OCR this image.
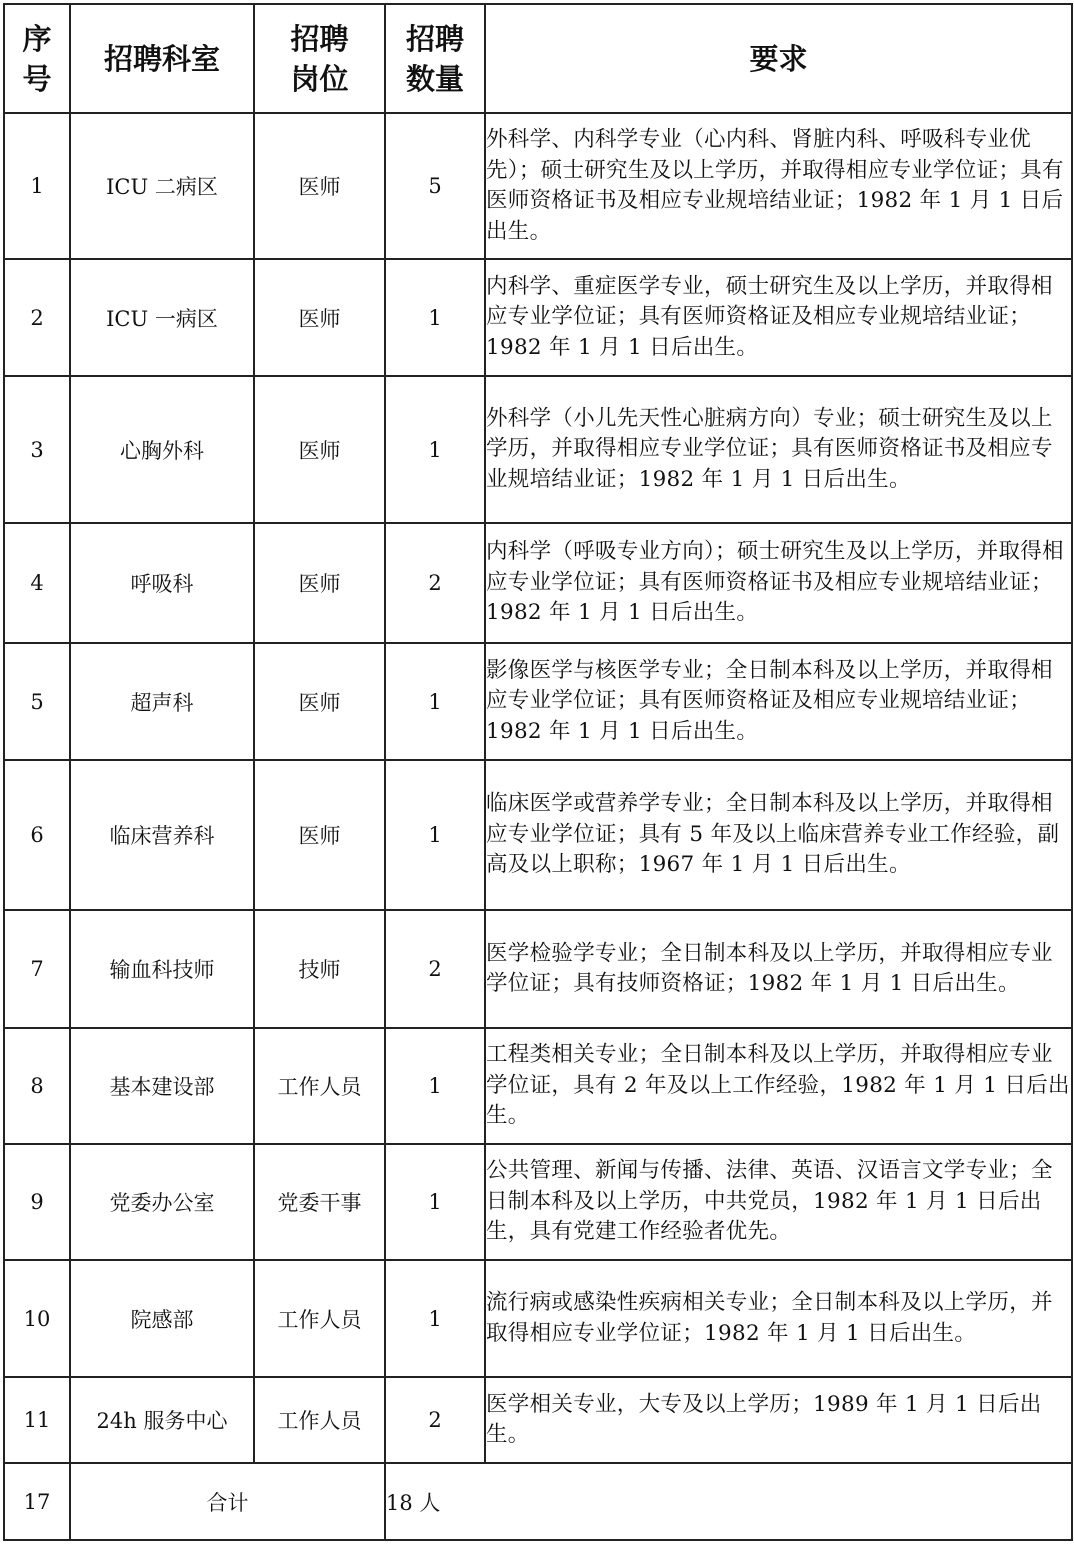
序号	招聘科室	招聘岗位	招聘数量	要求
1	ICU 二病区	医师	5	外科学、内科学专业（心内科、肾脏内科、呼吸科专业优先）；硕士研究生及以上学历，并取得相应专业学位证；具有医师资格证书及相应专业规培结业证；1982 年 1 月 1 日后出生。
2	ICU 一病区	医师	1	内科学、重症医学专业，硕士研究生及以上学历，并取得相应专业学位证；具有医师资格证及相应专业规培结业证；1982 年 1 月 1 日后出生。
3	心胸外科	医师	1	外科学（小儿先天性心脏病方向）专业；硕士研究生及以上学历，并取得相应专业学位证；具有医师资格证书及相应专业规培结业证；1982 年 1 月 1 日后出生。
4	呼吸科	医师	2	内科学（呼吸专业方向）；硕士研究生及以上学历，并取得相应专业学位证；具有医师资格证书及相应专业规培结业证；1982 年 1 月 1 日后出生。
5	超声科	医师	1	影像医学与核医学专业；全日制本科及以上学历，并取得相应专业学位证；具有医师资格证及相应专业规培结业证；1982 年 1 月 1 日后出生。
6	临床营养科	医师	1	临床医学或营养学专业；全日制本科及以上学历，并取得相应专业学位证；具有 5 年及以上临床营养专业工作经验，副高及以上职称；1967 年 1 月 1 日后出生。
7	输血科技师	技师	2	医学检验学专业；全日制本科及以上学历，并取得相应专业学位证；具有技师资格证；1982 年 1 月 1 日后出生。
8	基本建设部	工作人员	1	工程类相关专业；全日制本科及以上学历，并取得相应专业学位证，具有 2 年及以上工作经验，1982 年 1 月 1 日后出生。
9	党委办公室	党委干事	1	公共管理、新闻与传播、法律、英语、汉语言文学专业；全日制本科及以上学历，中共党员，1982 年 1 月 1 日后出生，具有党建工作经验者优先。
10	院感部	工作人员	1	流行病或感染性疾病相关专业；全日制本科及以上学历，并取得相应专业学位证；1982 年 1 月 1 日后出生。
11	24h 服务中心	工作人员	2	医学相关专业，大专及以上学历；1989 年 1 月 1 日后出生。
17	合计		18 人	
